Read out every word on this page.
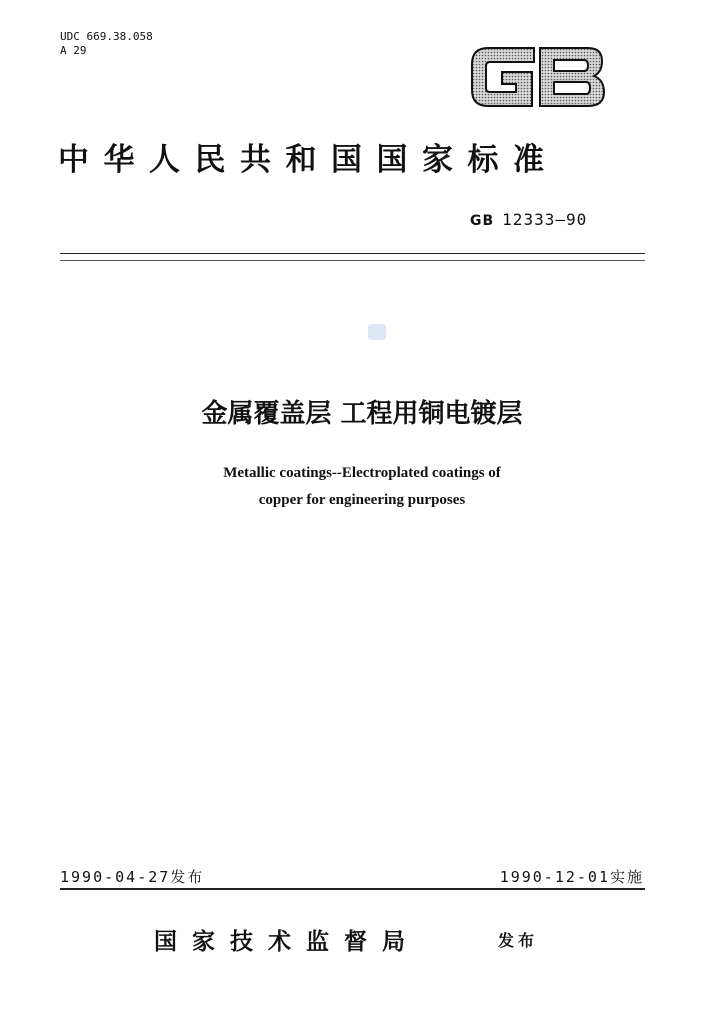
UDC 669.38.058
A 29
中华人民共和国国家标准
GB 12333—90
金属覆盖层 工程用铜电镀层
Metallic coatings--Electroplated coatings of
copper for engineering purposes
1990-04-27发布	1990-12-01实施
国家技术监督局	发布
